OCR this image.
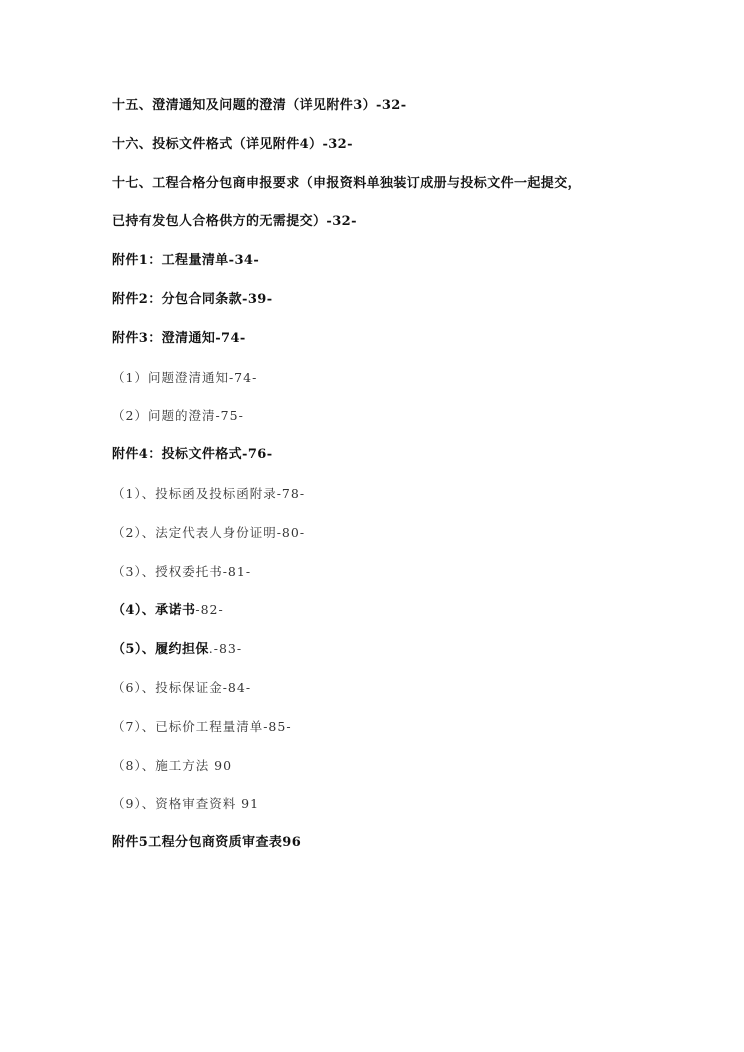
十五、澄清通知及问题的澄清（详见附件3）-32-
十六、投标文件格式（详见附件4）-32-
十七、工程合格分包商申报要求（申报资料单独装订成册与投标文件一起提交，
已持有发包人合格供方的无需提交）-32-
附件1：工程量清单-34-
附件2：分包合同条款-39-
附件3：澄清通知-74-
（1）问题澄清通知-74-
（2）问题的澄清-75-
附件4：投标文件格式-76-
（1）、投标函及投标函附录-78-
（2）、法定代表人身份证明-80-
（3）、授权委托书-81-
（4）、承诺书-82-
（5）、履约担保.-83-
（6）、投标保证金-84-
（7）、已标价工程量清单-85-
（8）、施工方法 90
（9）、资格审查资料 91
附件5工程分包商资质审查表96
